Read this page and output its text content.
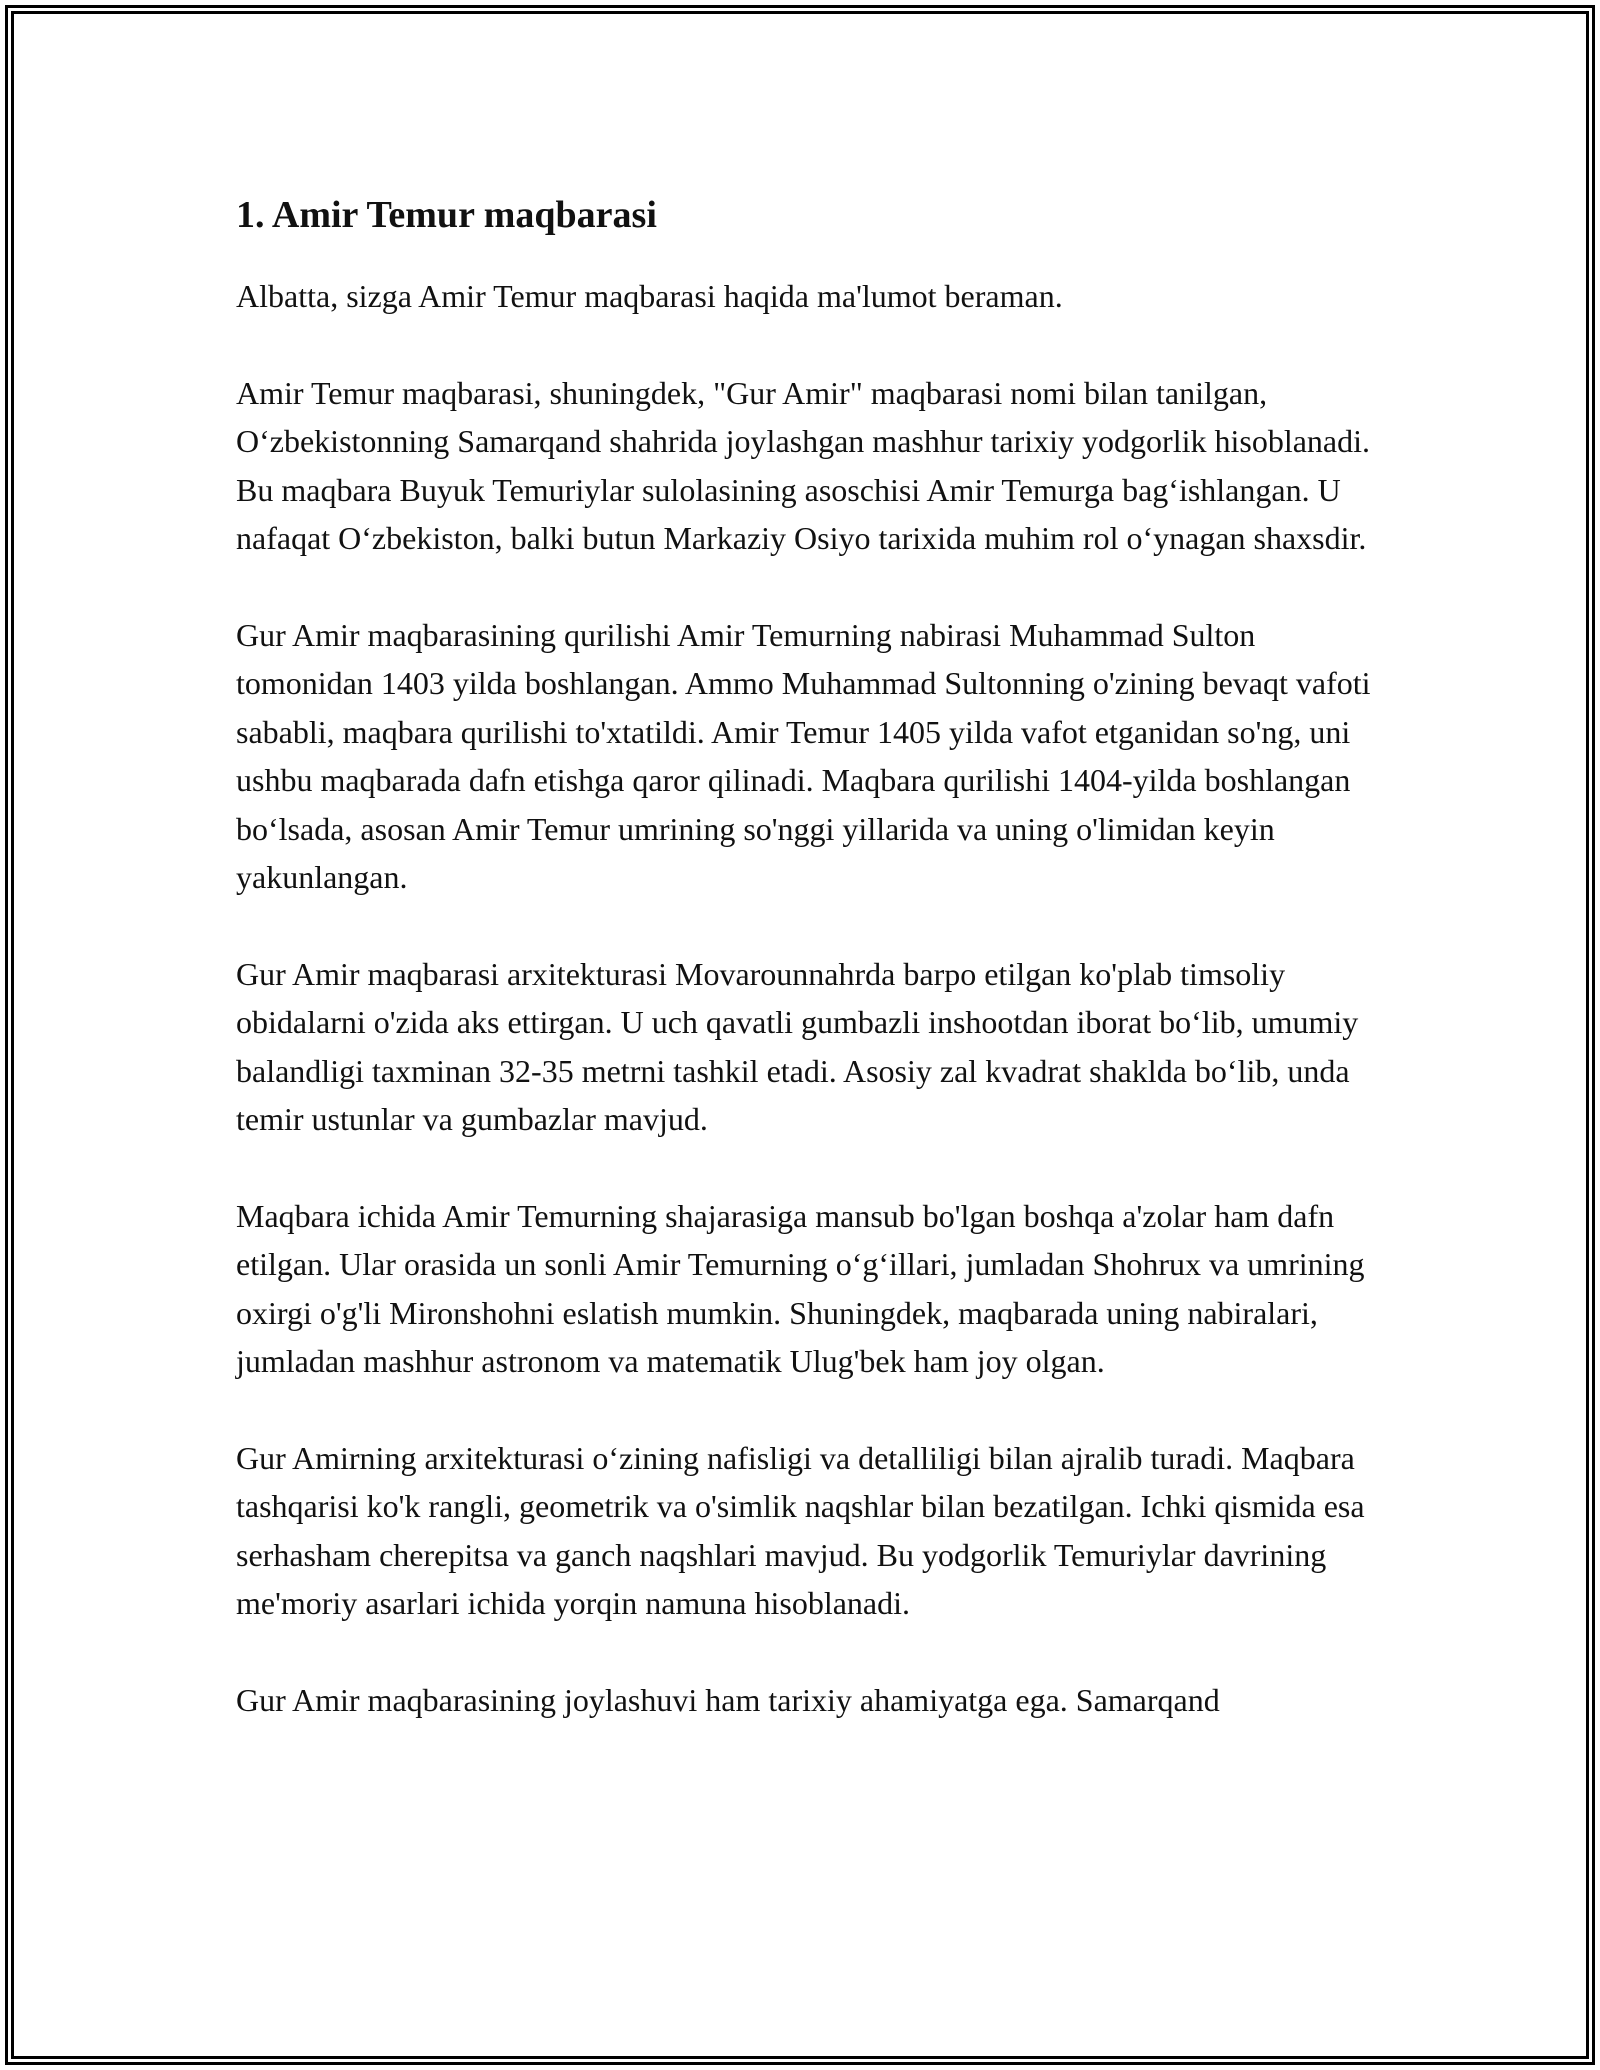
1. Amir Temur maqbarasi

Albatta, sizga Amir Temur maqbarasi haqida ma'lumot beraman.

Amir Temur maqbarasi, shuningdek, "Gur Amir" maqbarasi nomi bilan tanilgan, O‘zbekistonning Samarqand shahrida joylashgan mashhur tarixiy yodgorlik hisoblanadi. Bu maqbara Buyuk Temuriylar sulolasining asoschisi Amir Temurga bag‘ishlangan. U nafaqat O‘zbekiston, balki butun Markaziy Osiyo tarixida muhim rol o‘ynagan shaxsdir.

Gur Amir maqbarasining qurilishi Amir Temurning nabirasi Muhammad Sulton tomonidan 1403 yilda boshlangan. Ammo Muhammad Sultonning o'zining bevaqt vafoti sababli, maqbara qurilishi to'xtatildi. Amir Temur 1405 yilda vafot etganidan so'ng, uni ushbu maqbarada dafn etishga qaror qilinadi. Maqbara qurilishi 1404-yilda boshlangan bo‘lsada, asosan Amir Temur umrining so'nggi yillarida va uning o'limidan keyin yakunlangan.

Gur Amir maqbarasi arxitekturasi Movarounnahrda barpo etilgan ko'plab timsoliy obidalarni o'zida aks ettirgan. U uch qavatli gumbazli inshootdan iborat bo‘lib, umumiy balandligi taxminan 32-35 metrni tashkil etadi. Asosiy zal kvadrat shaklda bo‘lib, unda temir ustunlar va gumbazlar mavjud.

Maqbara ichida Amir Temurning shajarasiga mansub bo'lgan boshqa a'zolar ham dafn etilgan. Ular orasida un sonli Amir Temurning o‘g‘illari, jumladan Shohrux va umrining oxirgi o'g'li Mironshohni eslatish mumkin. Shuningdek, maqbarada uning nabiralari, jumladan mashhur astronom va matematik Ulug'bek ham joy olgan.

Gur Amirning arxitekturasi o‘zining nafisligi va detalliligi bilan ajralib turadi. Maqbara tashqarisi ko'k rangli, geometrik va o'simlik naqshlar bilan bezatilgan. Ichki qismida esa serhasham cherepitsa va ganch naqshlari mavjud. Bu yodgorlik Temuriylar davrining me'moriy asarlari ichida yorqin namuna hisoblanadi.

Gur Amir maqbarasining joylashuvi ham tarixiy ahamiyatga ega. Samarqand
